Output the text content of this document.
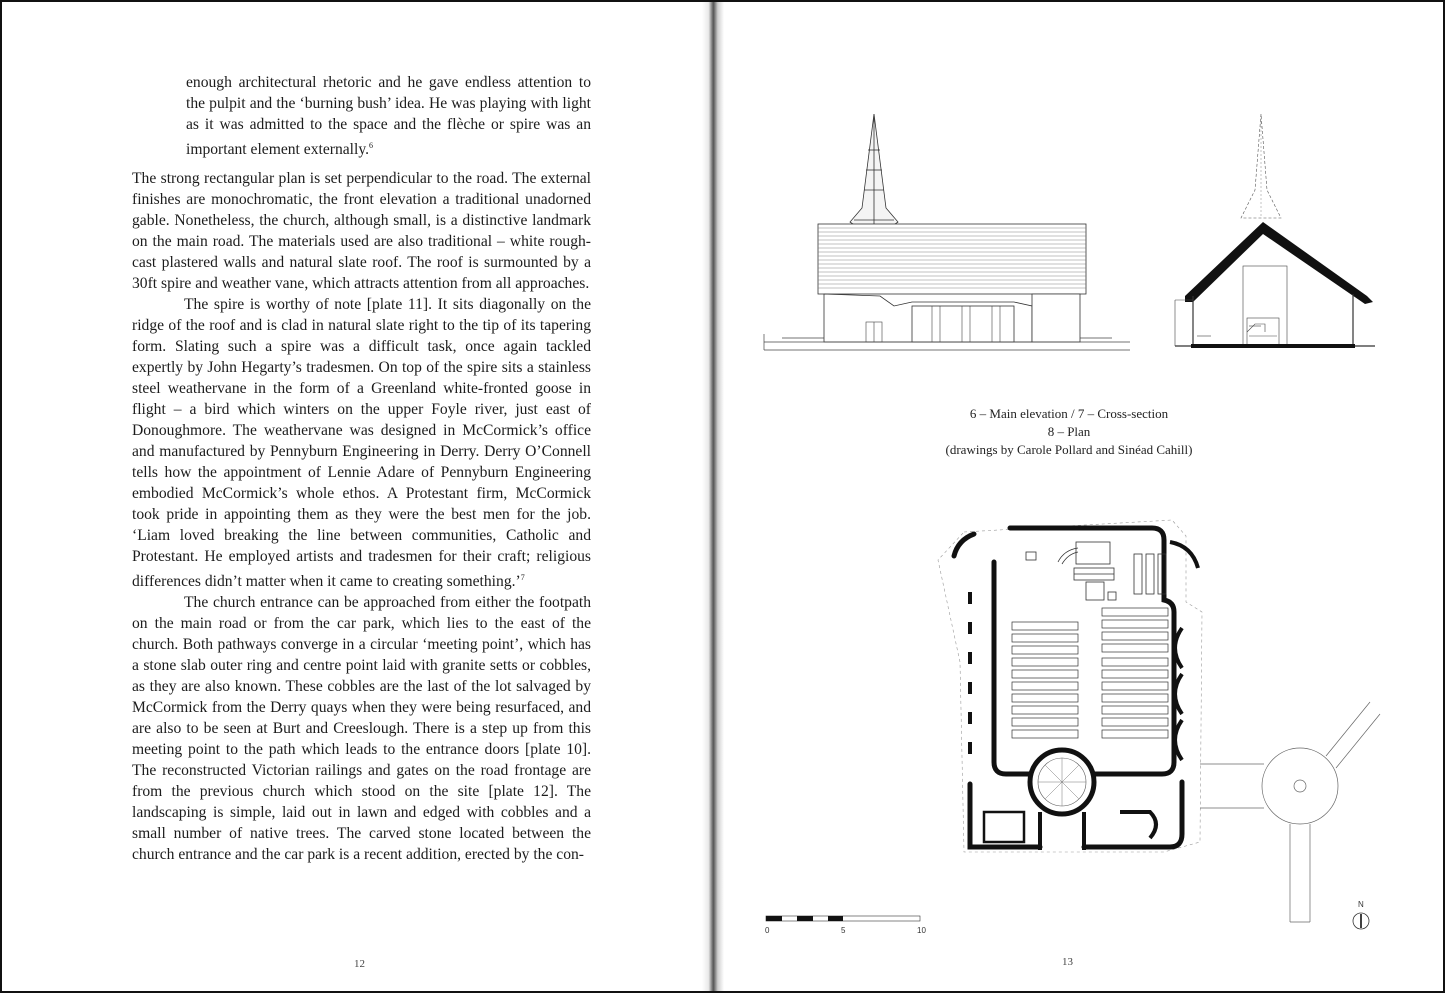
enough architectural rhetoric and he gave endless attention to the pulpit and the ‘burning bush’ idea. He was playing with light as it was admitted to the space and the flèche or spire was an important element externally.$^6$

The strong rectangular plan is set perpendicular to the road. The external finishes are monochromatic, the front elevation a traditional unadorned gable. Nonetheless, the church, although small, is a distinctive landmark on the main road. The materials used are also traditional – white rough-cast plastered walls and natural slate roof. The roof is surmounted by a 30ft spire and weather vane, which attracts attention from all approaches.

The spire is worthy of note [plate 11]. It sits diagonally on the ridge of the roof and is clad in natural slate right to the tip of its tapering form. Slating such a spire was a difficult task, once again tackled expertly by John Hegarty’s tradesmen. On top of the spire sits a stainless steel weathervane in the form of a Greenland white-fronted goose in flight – a bird which winters on the upper Foyle river, just east of Donoughmore. The weathervane was designed in McCormick’s office and manufactured by Pennyburn Engineering in Derry. Derry O’Connell tells how the appointment of Lennie Adare of Pennyburn Engineering embodied McCormick’s whole ethos. A Protestant firm, McCormick took pride in appointing them as they were the best men for the job. ‘Liam loved breaking the line between communities, Catholic and Protestant. He employed artists and tradesmen for their craft; religious differences didn’t matter when it came to creating something.’$^7$

The church entrance can be approached from either the footpath on the main road or from the car park, which lies to the east of the church. Both pathways converge in a circular ‘meeting point’, which has a stone slab outer ring and centre point laid with granite setts or cobbles, as they are also known. These cobbles are the last of the lot salvaged by McCormick from the Derry quays when they were being resurfaced, and are also to be seen at Burt and Creeslough. There is a step up from this meeting point to the path which leads to the entrance doors [plate 10]. The reconstructed Victorian railings and gates on the road frontage are from the previous church which stood on the site [plate 12]. The landscaping is simple, laid out in lawn and edged with cobbles and a small number of native trees. The carved stone located between the church entrance and the car park is a recent addition, erected by the con-

12
6 – Main elevation / 7 – Cross-section
8 – Plan
(drawings by Carole Pollard and Sinéad Cahill)
0	5	10
N
13
